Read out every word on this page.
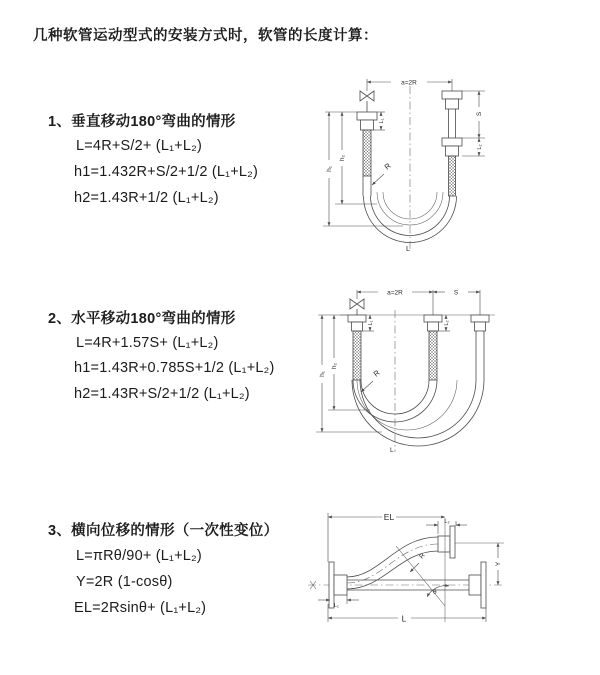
几种软管运动型式的安装方式时，软管的长度计算：
1、垂直移动180°弯曲的情形
L=4R+S/2+ (L₁+L₂)
h1=1.432R+S/2+1/2 (L₁+L₂)
h2=1.43R+1/2 (L₁+L₂)
2、水平移动180°弯曲的情形
L=4R+1.57S+ (L₁+L₂)
h1=1.43R+0.785S+1/2 (L₁+L₂)
h2=1.43R+S/2+1/2 (L₁+L₂)
3、横向位移的情形（一次性变位）
L=πRθ/90+ (L₁+L₂)
Y=2R (1-cosθ)
EL=2Rsinθ+ (L₁+L₂)
a=2R
S
L₂
h₁
h₂
L₁
R
L
a=2R	S
h₁
h₂
L₁	L₂
R
L
EL	L₂
Y
L
L₁
θ
R
